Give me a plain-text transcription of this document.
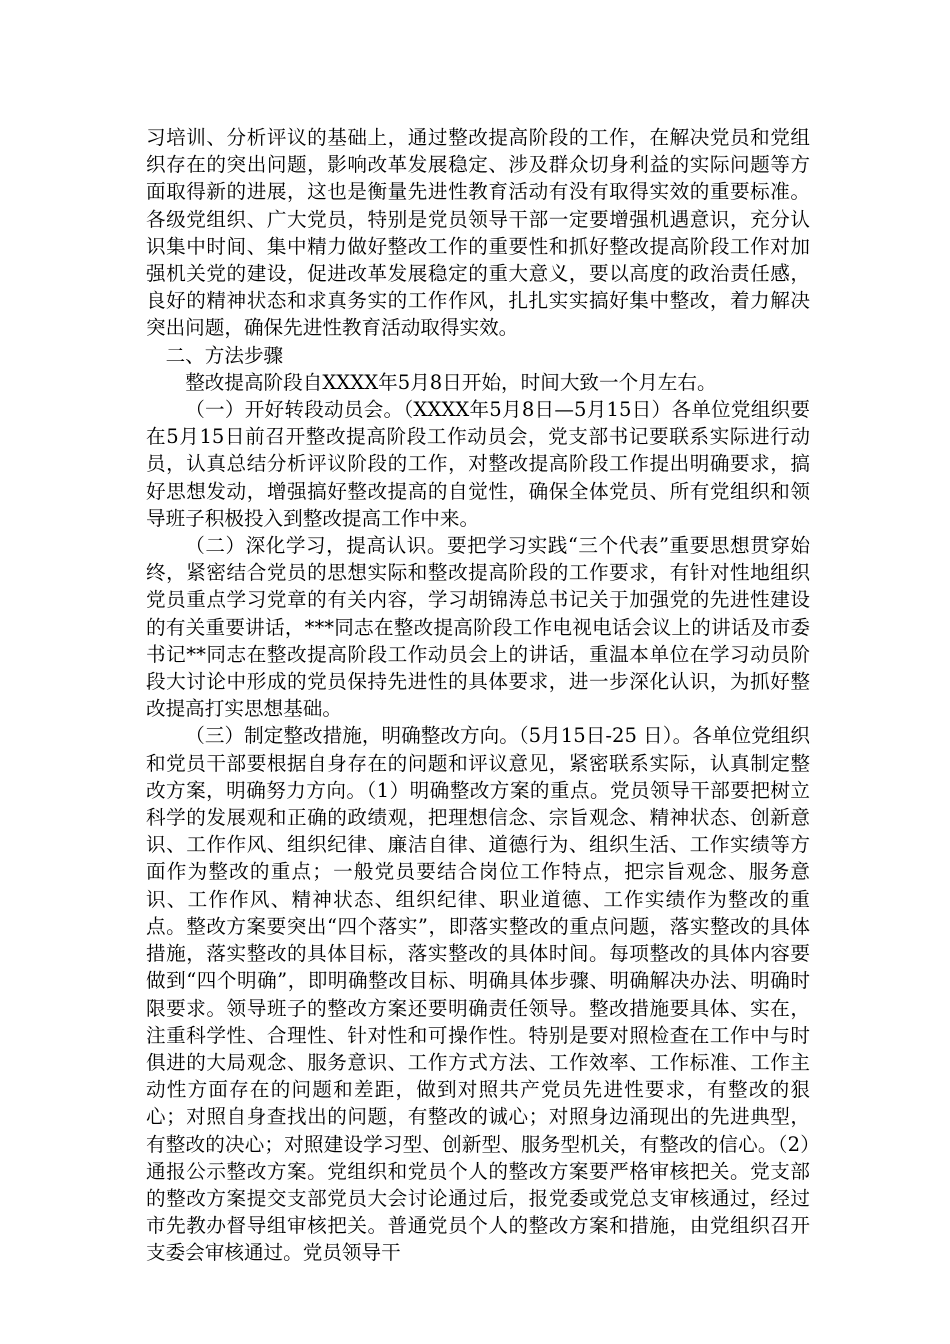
习培训、分析评议的基础上，通过整改提高阶段的工作，在解决党员和党组织存在的突出问题，影响改革发展稳定、涉及群众切身利益的实际问题等方面取得新的进展，这也是衡量先进性教育活动有没有取得实效的重要标准。各级党组织、广大党员，特别是党员领导干部一定要增强机遇意识，充分认识集中时间、集中精力做好整改工作的重要性和抓好整改提高阶段工作对加强机关党的建设，促进改革发展稳定的重大意义，要以高度的政治责任感，良好的精神状态和求真务实的工作作风，扎扎实实搞好集中整改，着力解决突出问题，确保先进性教育活动取得实效。

二、方法步骤

整改提高阶段自XXXX年5月8日开始，时间大致一个月左右。

（一）开好转段动员会。（XXXX年5月8日—5月15日）各单位党组织要在5月15日前召开整改提高阶段工作动员会，党支部书记要联系实际进行动员，认真总结分析评议阶段的工作，对整改提高阶段工作提出明确要求，搞好思想发动，增强搞好整改提高的自觉性，确保全体党员、所有党组织和领导班子积极投入到整改提高工作中来。

（二）深化学习，提高认识。要把学习实践“三个代表”重要思想贯穿始终，紧密结合党员的思想实际和整改提高阶段的工作要求，有针对性地组织党员重点学习党章的有关内容，学习胡锦涛总书记关于加强党的先进性建设的有关重要讲话，***同志在整改提高阶段工作电视电话会议上的讲话及市委书记**同志在整改提高阶段工作动员会上的讲话，重温本单位在学习动员阶段大讨论中形成的党员保持先进性的具体要求，进一步深化认识，为抓好整改提高打实思想基础。

（三）制定整改措施，明确整改方向。（5月15日-25 日）。各单位党组织和党员干部要根据自身存在的问题和评议意见，紧密联系实际，认真制定整改方案，明确努力方向。（1）明确整改方案的重点。党员领导干部要把树立科学的发展观和正确的政绩观，把理想信念、宗旨观念、精神状态、创新意识、工作作风、组织纪律、廉洁自律、道德行为、组织生活、工作实绩等方面作为整改的重点；一般党员要结合岗位工作特点，把宗旨观念、服务意识、工作作风、精神状态、组织纪律、职业道德、工作实绩作为整改的重点。整改方案要突出“四个落实”，即落实整改的重点问题，落实整改的具体措施，落实整改的具体目标，落实整改的具体时间。每项整改的具体内容要做到“四个明确”，即明确整改目标、明确具体步骤、明确解决办法、明确时限要求。领导班子的整改方案还要明确责任领导。整改措施要具体、实在，注重科学性、合理性、针对性和可操作性。特别是要对照检查在工作中与时俱进的大局观念、服务意识、工作方式方法、工作效率、工作标准、工作主动性方面存在的问题和差距，做到对照共产党员先进性要求，有整改的狠心；对照自身查找出的问题，有整改的诚心；对照身边涌现出的先进典型，有整改的决心；对照建设学习型、创新型、服务型机关，有整改的信心。（2）通报公示整改方案。党组织和党员个人的整改方案要严格审核把关。党支部的整改方案提交支部党员大会讨论通过后，报党委或党总支审核通过，经过市先教办督导组审核把关。普通党员个人的整改方案和措施，由党组织召开支委会审核通过。党员领导干
